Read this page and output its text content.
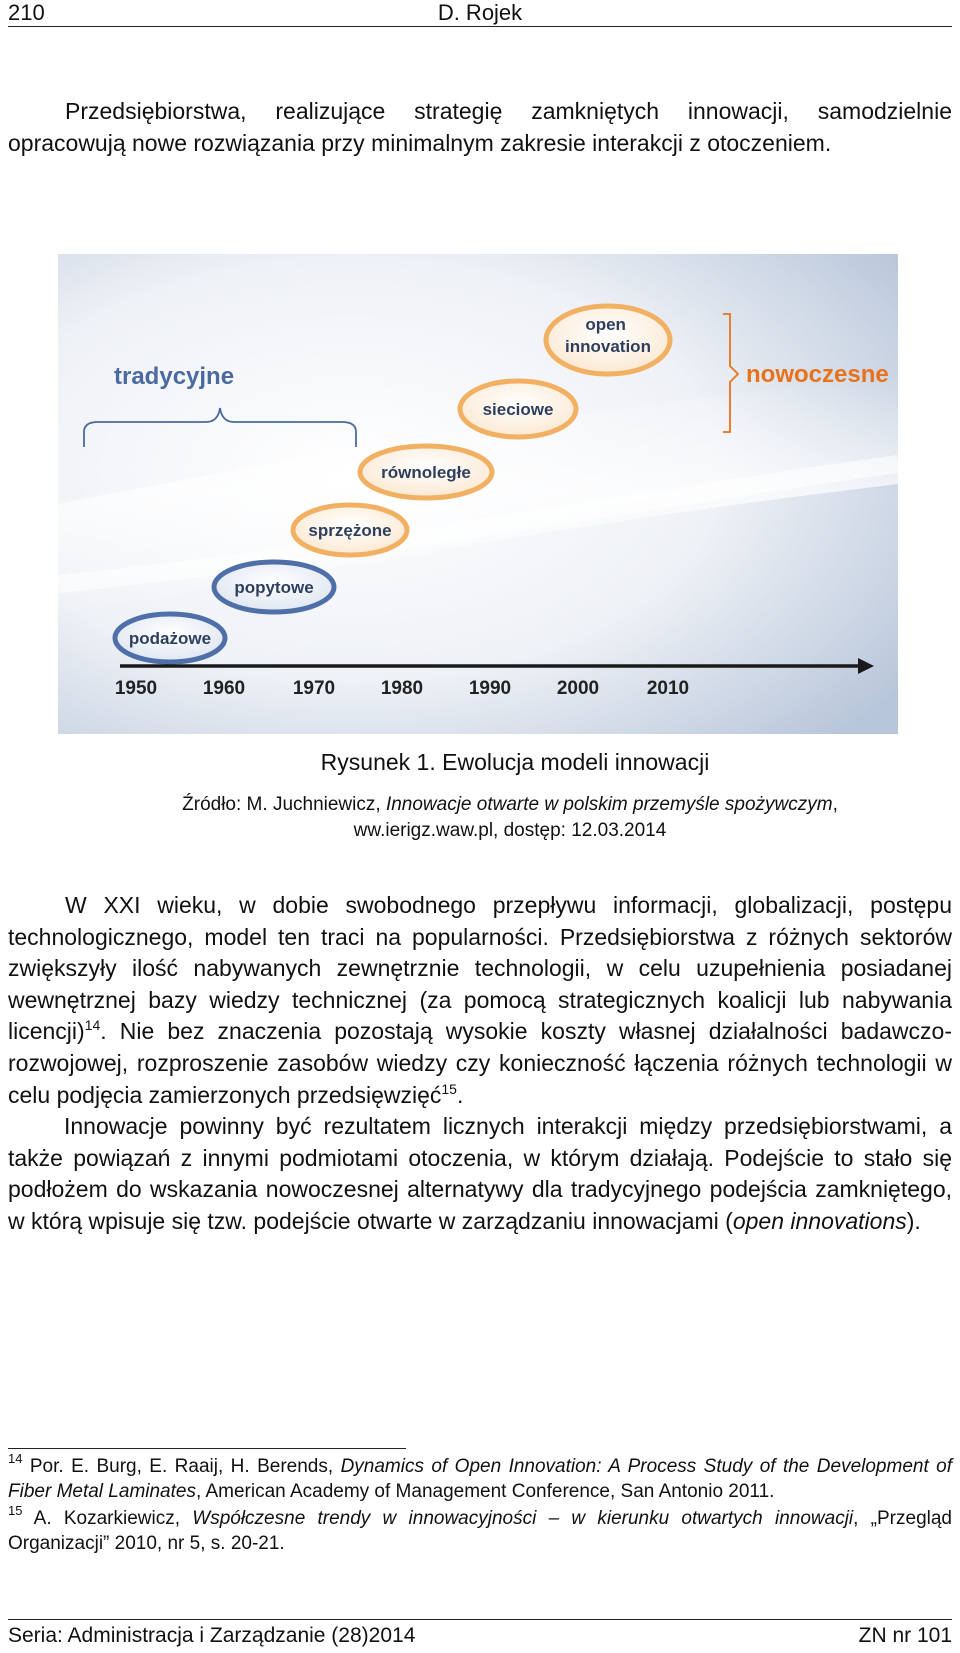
210	D. Rojek
Przedsiębiorstwa, realizujące strategię zamkniętych innowacji, samodzielnie opracowują nowe rozwiązania przy minimalnym zakresie interakcji z otoczeniem.
tradycyjne	nowoczesne
podażowe
popytowe
sprzężone
równoległe
sieciowe
open innovation
1950 1960	1970 1980 1990 2000	2010
Rysunek 1. Ewolucja modeli innowacji
Źródło: M. Juchniewicz, Innowacje otwarte w polskim przemyśle spożywczym,
ww.ierigz.waw.pl, dostęp: 12.03.2014
W XXI wieku, w dobie swobodnego przepływu informacji, globalizacji, postępu technologicznego, model ten traci na popularności. Przedsiębiorstwa z różnych sektorów zwiększyły ilość nabywanych zewnętrznie technologii, w celu uzupełnienia posiadanej wewnętrznej bazy wiedzy technicznej (za pomocą strategicznych koalicji lub nabywania licencji)$^{14}$. Nie bez znaczenia pozostają wysokie koszty własnej działalności badawczo-rozwojowej, rozproszenie zasobów wiedzy czy konieczność łączenia różnych technologii w celu podjęcia zamierzonych przedsięwzięć$^{15}$.
Innowacje powinny być rezultatem licznych interakcji między przedsiębiorstwami, a także powiązań z innymi podmiotami otoczenia, w którym działają. Podejście to stało się podłożem do wskazania nowoczesnej alternatywy dla tradycyjnego podejścia zamkniętego, w którą wpisuje się tzw. podejście otwarte w zarządzaniu innowacjami (open innovations).
$^{14}$ Por. E. Burg, E. Raaij, H. Berends, Dynamics of Open Innovation: A Process Study of the Development of Fiber Metal Laminates, American Academy of Management Conference, San Antonio 2011.
$^{15}$ A. Kozarkiewicz, Współczesne trendy w innowacyjności – w kierunku otwartych innowacji, „Przegląd Organizacji” 2010, nr 5, s. 20-21.
Seria: Administracja i Zarządzanie (28)2014	ZN nr 101
